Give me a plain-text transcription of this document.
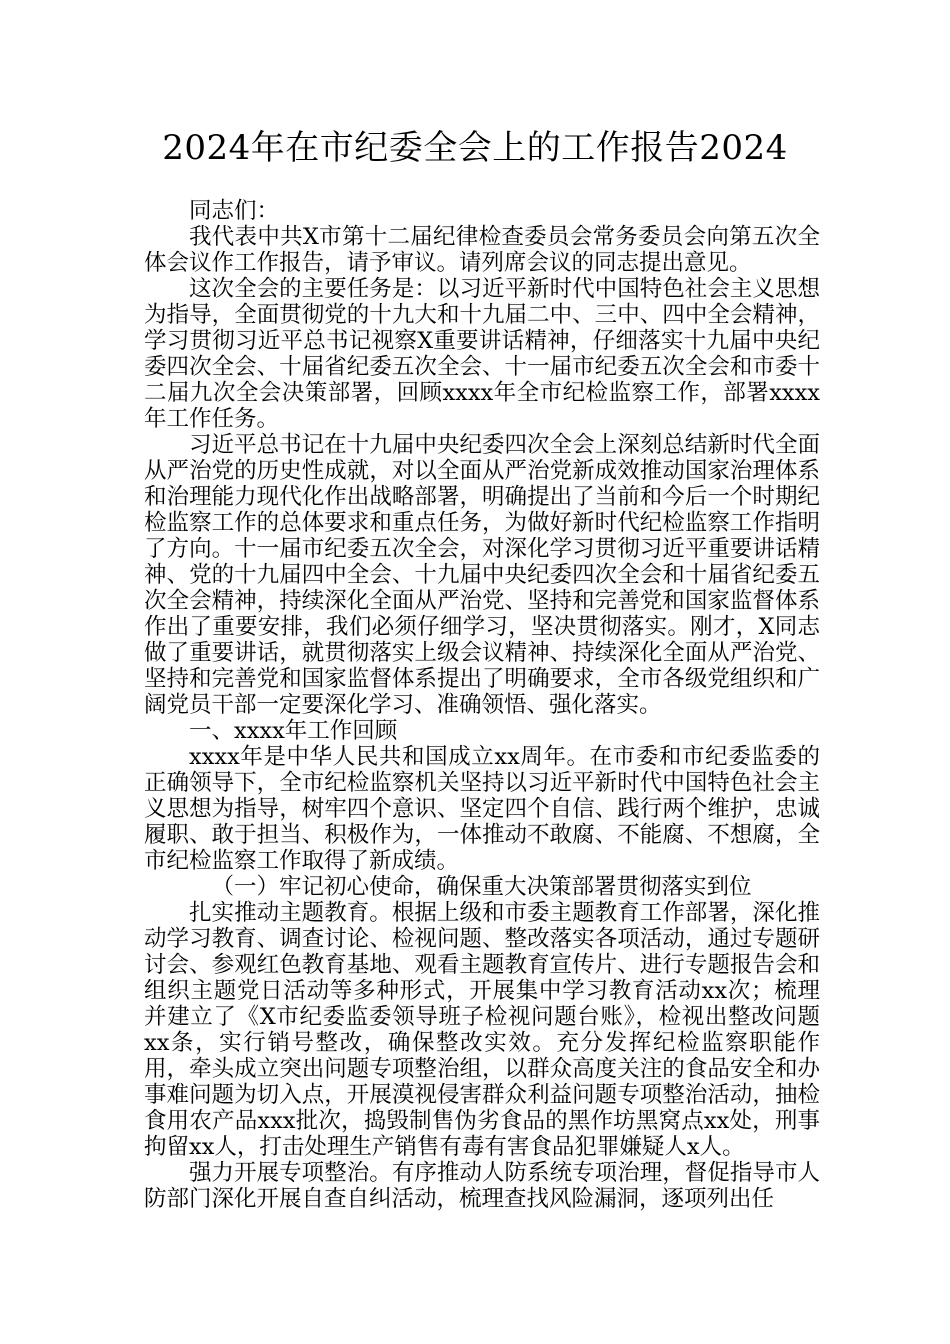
2024年在市纪委全会上的工作报告2024

同志们：

我代表中共X市第十二届纪律检查委员会常务委员会向第五次全体会议作工作报告，请予审议。请列席会议的同志提出意见。

这次全会的主要任务是：以习近平新时代中国特色社会主义思想为指导，全面贯彻党的十九大和十九届二中、三中、四中全会精神，学习贯彻习近平总书记视察X重要讲话精神，仔细落实十九届中央纪委四次全会、十届省纪委五次全会、十一届市纪委五次全会和市委十二届九次全会决策部署，回顾xxxx年全市纪检监察工作，部署xxxx年工作任务。

习近平总书记在十九届中央纪委四次全会上深刻总结新时代全面从严治党的历史性成就，对以全面从严治党新成效推动国家治理体系和治理能力现代化作出战略部署，明确提出了当前和今后一个时期纪检监察工作的总体要求和重点任务，为做好新时代纪检监察工作指明了方向。十一届市纪委五次全会，对深化学习贯彻习近平重要讲话精神、党的十九届四中全会、十九届中央纪委四次全会和十届省纪委五次全会精神，持续深化全面从严治党、坚持和完善党和国家监督体系作出了重要安排，我们必须仔细学习，坚决贯彻落实。刚才，X同志做了重要讲话，就贯彻落实上级会议精神、持续深化全面从严治党、坚持和完善党和国家监督体系提出了明确要求，全市各级党组织和广阔党员干部一定要深化学习、准确领悟、强化落实。

一、xxxx年工作回顾

xxxx年是中华人民共和国成立xx周年。在市委和市纪委监委的正确领导下，全市纪检监察机关坚持以习近平新时代中国特色社会主义思想为指导，树牢四个意识、坚定四个自信、践行两个维护，忠诚履职、敢于担当、积极作为，一体推动不敢腐、不能腐、不想腐，全市纪检监察工作取得了新成绩。

（一）牢记初心使命，确保重大决策部署贯彻落实到位

扎实推动主题教育。根据上级和市委主题教育工作部署，深化推动学习教育、调查讨论、检视问题、整改落实各项活动，通过专题研讨会、参观红色教育基地、观看主题教育宣传片、进行专题报告会和组织主题党日活动等多种形式，开展集中学习教育活动xx次；梳理并建立了《X市纪委监委领导班子检视问题台账》，检视出整改问题xx条，实行销号整改，确保整改实效。充分发挥纪检监察职能作用，牵头成立突出问题专项整治组，以群众高度关注的食品安全和办事难问题为切入点，开展漠视侵害群众利益问题专项整治活动，抽检食用农产品xxx批次，捣毁制售伪劣食品的黑作坊黑窝点xx处，刑事拘留xx人，打击处理生产销售有毒有害食品犯罪嫌疑人x人。

强力开展专项整治。有序推动人防系统专项治理，督促指导市人防部门深化开展自查自纠活动，梳理查找风险漏洞，逐项列出任
